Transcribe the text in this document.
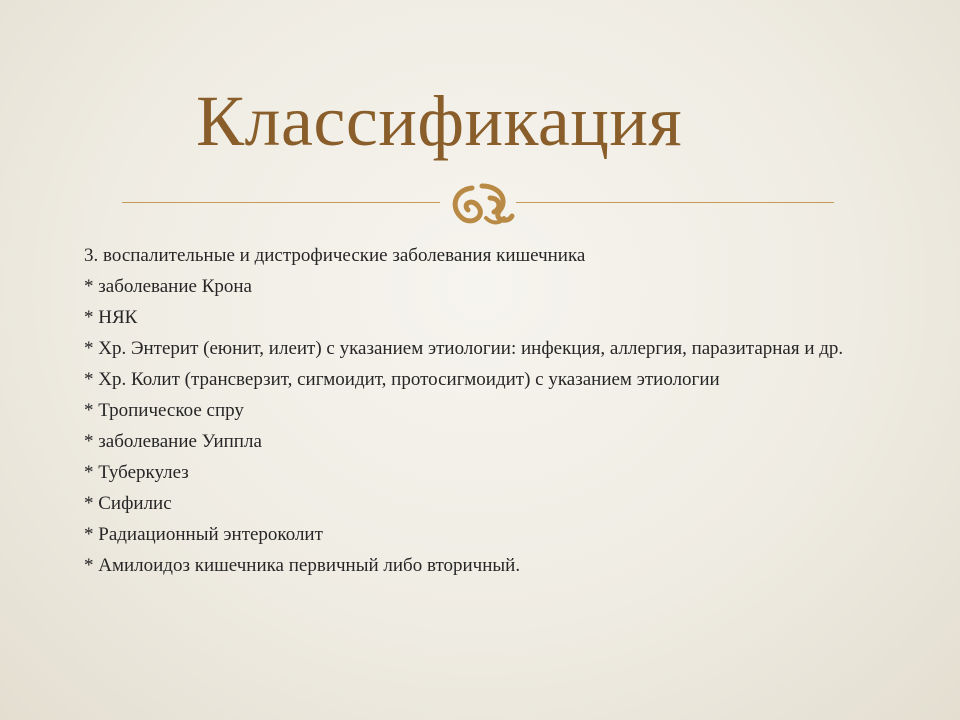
Классификация

3. воспалительные и дистрофические заболевания кишечника

* заболевание Крона

* НЯК

* Хр. Энтерит (еюнит, илеит) с указанием этиологии: инфекция, аллергия, паразитарная и др.

* Хр. Колит (трансверзит, сигмоидит, протосигмоидит) с указанием этиологии

* Тропическое спру

* заболевание Уиппла

* Туберкулез

* Сифилис

* Радиационный энтероколит

* Амилоидоз кишечника первичный либо вторичный.
